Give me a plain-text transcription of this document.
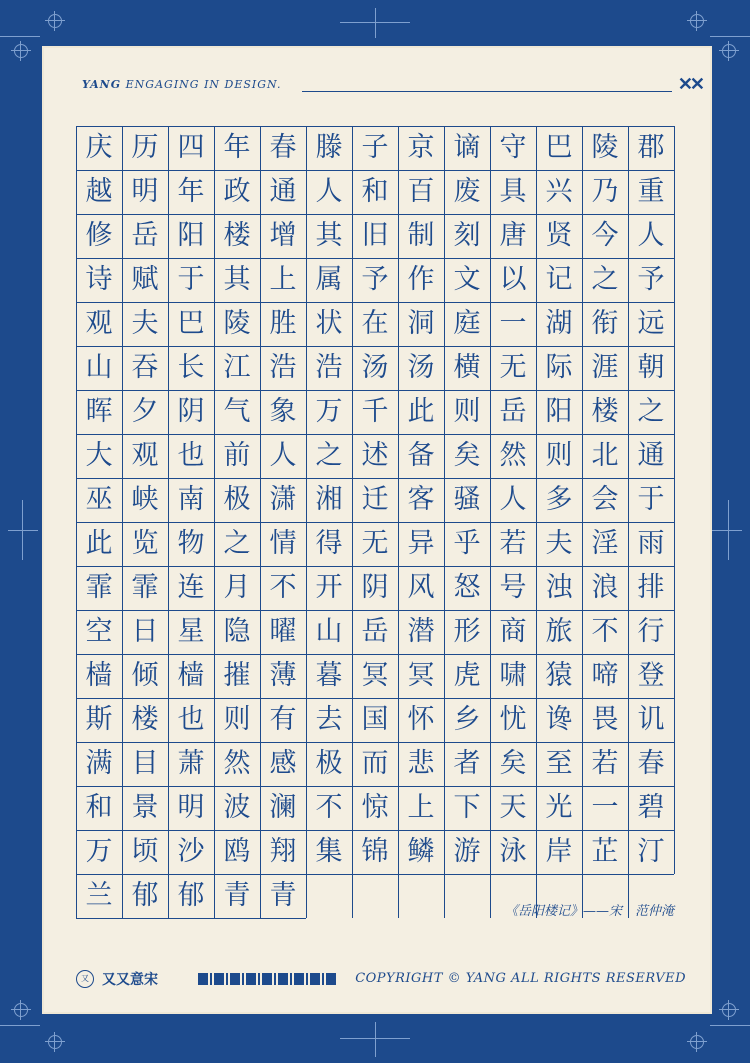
YANG ENGAGING IN DESIGN.	✕✕
郡
重
人
予
远
朝
之
通
于
雨
排
行
登
讥
春
碧
汀
陵
乃
今
之
衔
涯
楼
北
会
淫
浪
不
啼
畏
若
一
芷
巴
兴
贤
记
湖
际
阳
则
多
夫
浊
旅
猿
谗
至
光
岸
守
具
唐
以
一
无
岳
然
人
若
号
商
啸
忧
矣
天
泳
谪
废
刻
文
庭
横
则
矣
骚
乎
怒
形
虎
乡
者
下
游
京
百
制
作
洞
汤
此
备
客
异
风
潜
冥
怀
悲
上
鳞
子
和
旧
予
在
汤
千
述
迁
无
阴
岳
冥
国
而
惊
锦
滕
人
其
属
状
浩
万
之
湘
得
开
山
暮
去
极
不
集
春
通
增
上
胜
浩
象
人
潇
情
不
曜
薄
有
感
澜
翔
青
年
政
楼
其
陵
江
气
前
极
之
月
隐
摧
则
然
波
鸥
青
四
年
阳
于
巴
长
阴
也
南
物
连
星
樯
也
萧
明
沙
郁
历
明
岳
赋
夫
吞
夕
观
峡
览
霏
日
倾
楼
目
景
顷
郁
庆
越
修
诗
观
山
晖
大
巫
此
霏
空
樯
斯
满
和
万
兰
《岳阳楼记》——宋　范仲淹
又 又又意宋	COPYRIGHT © YANG ALL RIGHTS RESERVED
